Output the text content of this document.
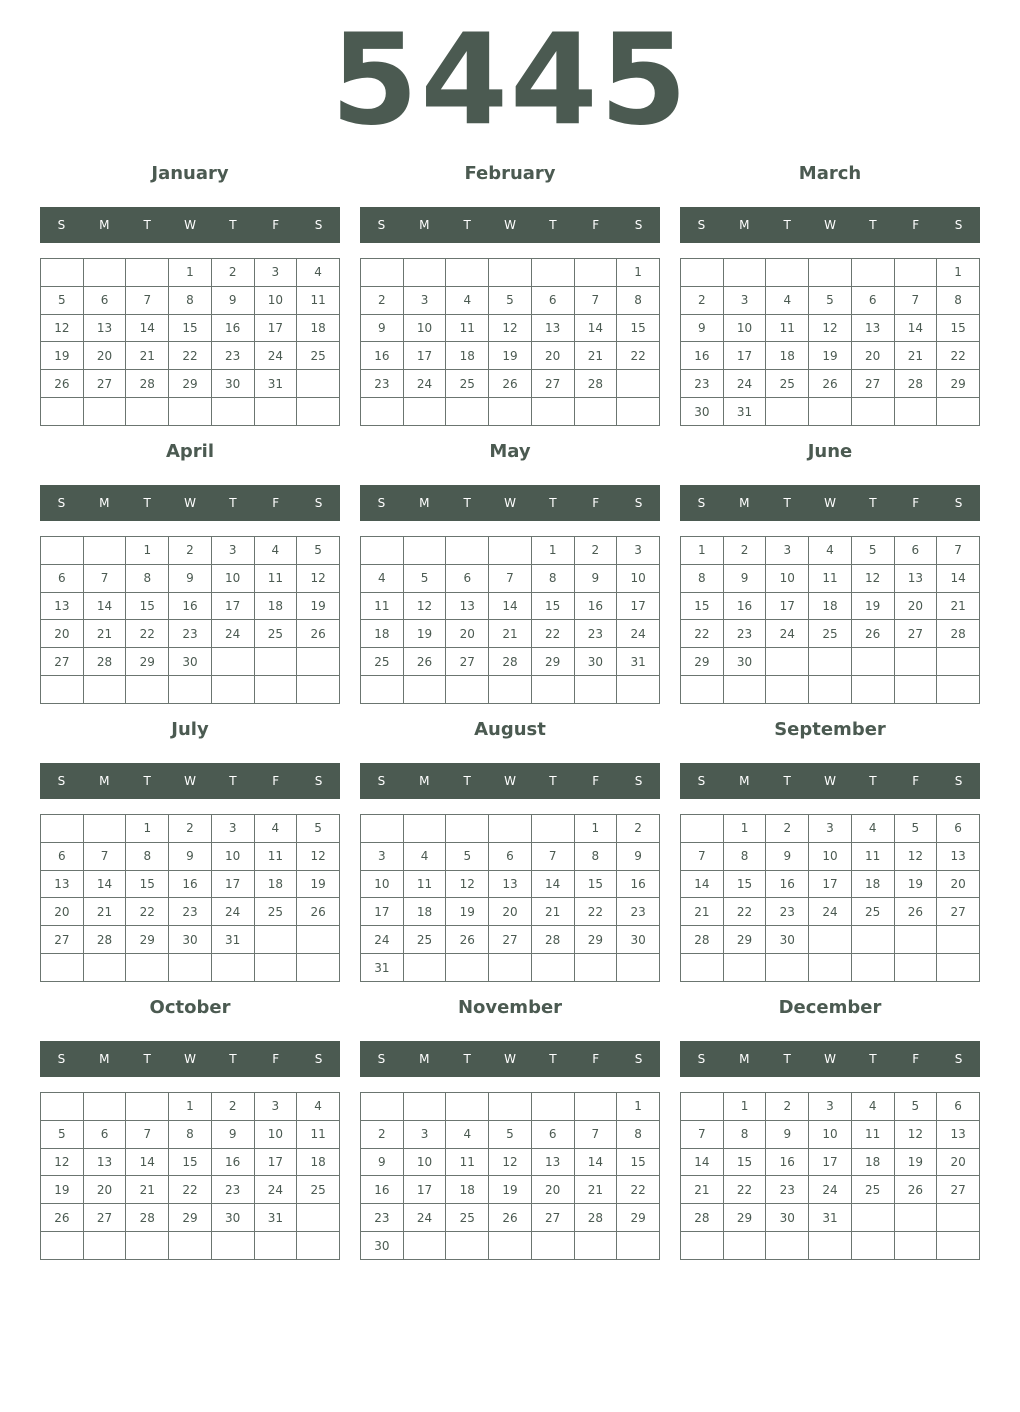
5445
January
S	M	T	W	T	F	S
			1	2	3	4
5	6	7	8	9	10	11
12	13	14	15	16	17	18
19	20	21	22	23	24	25
26	27	28	29	30	31	

February
S	M	T	W	T	F	S
						1
2	3	4	5	6	7	8
9	10	11	12	13	14	15
16	17	18	19	20	21	22
23	24	25	26	27	28	

March
S	M	T	W	T	F	S
						1
2	3	4	5	6	7	8
9	10	11	12	13	14	15
16	17	18	19	20	21	22
23	24	25	26	27	28	29
30	31					
April
S	M	T	W	T	F	S
		1	2	3	4	5
6	7	8	9	10	11	12
13	14	15	16	17	18	19
20	21	22	23	24	25	26
27	28	29	30			

May
S	M	T	W	T	F	S
				1	2	3
4	5	6	7	8	9	10
11	12	13	14	15	16	17
18	19	20	21	22	23	24
25	26	27	28	29	30	31

June
S	M	T	W	T	F	S
1	2	3	4	5	6	7
8	9	10	11	12	13	14
15	16	17	18	19	20	21
22	23	24	25	26	27	28
29	30					

July
S	M	T	W	T	F	S
		1	2	3	4	5
6	7	8	9	10	11	12
13	14	15	16	17	18	19
20	21	22	23	24	25	26
27	28	29	30	31		

August
S	M	T	W	T	F	S
					1	2
3	4	5	6	7	8	9
10	11	12	13	14	15	16
17	18	19	20	21	22	23
24	25	26	27	28	29	30
31						
September
S	M	T	W	T	F	S
	1	2	3	4	5	6
7	8	9	10	11	12	13
14	15	16	17	18	19	20
21	22	23	24	25	26	27
28	29	30				

October
S	M	T	W	T	F	S
			1	2	3	4
5	6	7	8	9	10	11
12	13	14	15	16	17	18
19	20	21	22	23	24	25
26	27	28	29	30	31	

November
S	M	T	W	T	F	S
						1
2	3	4	5	6	7	8
9	10	11	12	13	14	15
16	17	18	19	20	21	22
23	24	25	26	27	28	29
30						
December
S	M	T	W	T	F	S
	1	2	3	4	5	6
7	8	9	10	11	12	13
14	15	16	17	18	19	20
21	22	23	24	25	26	27
28	29	30	31			
